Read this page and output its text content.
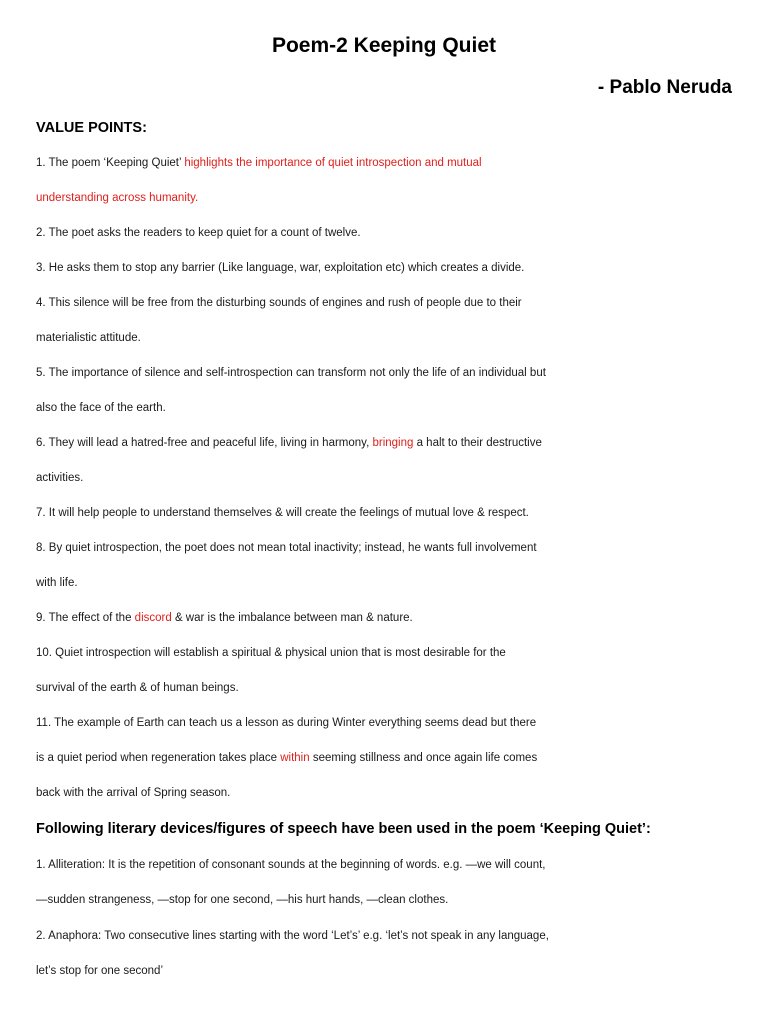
Poem-2 Keeping Quiet
- Pablo Neruda
VALUE POINTS:

1. The poem ‘Keeping Quiet’ highlights the importance of quiet introspection and mutual

understanding across humanity.

2. The poet asks the readers to keep quiet for a count of twelve.

3. He asks them to stop any barrier (Like language, war, exploitation etc) which creates a divide.

4. This silence will be free from the disturbing sounds of engines and rush of people due to their

materialistic attitude.

5. The importance of silence and self-introspection can transform not only the life of an individual but

also the face of the earth.

6. They will lead a hatred-free and peaceful life, living in harmony, bringing a halt to their destructive

activities.

7. It will help people to understand themselves & will create the feelings of mutual love & respect.

8. By quiet introspection, the poet does not mean total inactivity; instead, he wants full involvement

with life.

9. The effect of the discord & war is the imbalance between man & nature.

10. Quiet introspection will establish a spiritual & physical union that is most desirable for the

survival of the earth & of human beings.

11. The example of Earth can teach us a lesson as during Winter everything seems dead but there

is a quiet period when regeneration takes place within seeming stillness and once again life comes

back with the arrival of Spring season.

Following literary devices/figures of speech have been used in the poem ‘Keeping Quiet’:

1. Alliteration: It is the repetition of consonant sounds at the beginning of words. e.g. —we will count,

—sudden strangeness, —stop for one second, —his hurt hands, —clean clothes.

2. Anaphora: Two consecutive lines starting with the word ‘Let’s’ e.g. ‘let’s not speak in any language,

let’s stop for one second’
